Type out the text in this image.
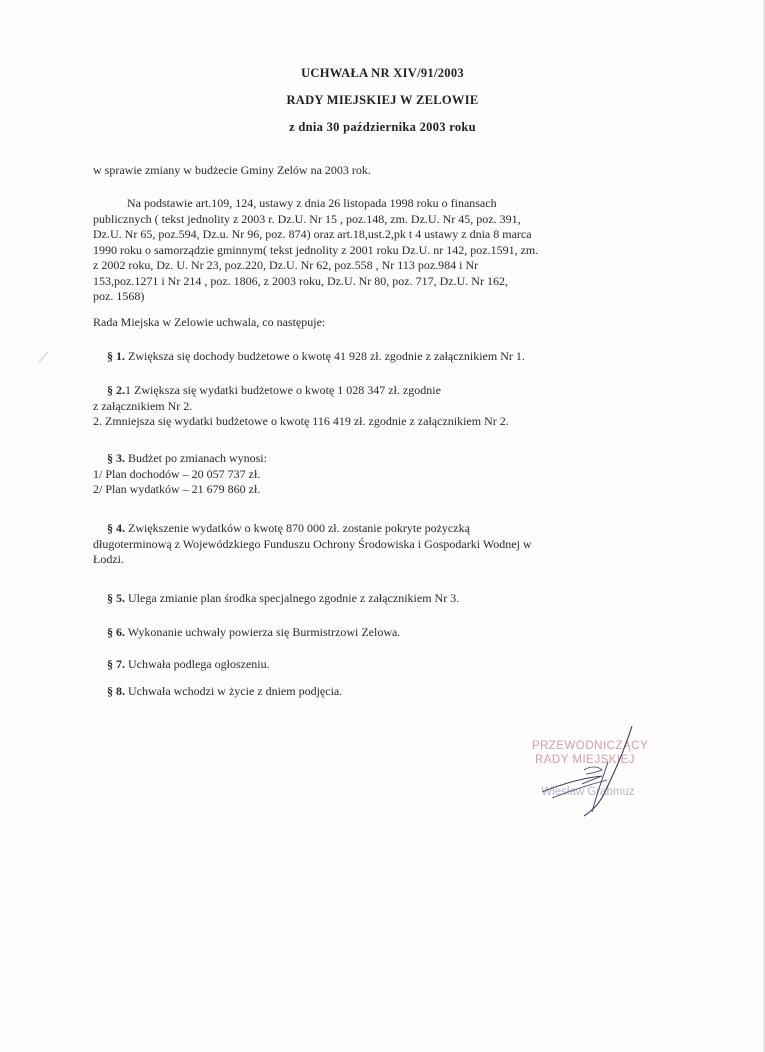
UCHWAŁA NR XIV/91/2003
RADY MIEJSKIEJ W ZELOWIE
z dnia 30 października 2003 roku
w sprawie zmiany w budżecie Gminy Zelów na 2003 rok.
Na podstawie art.109, 124, ustawy z dnia 26 listopada 1998 roku o finansach
publicznych ( tekst jednolity z 2003 r. Dz.U. Nr 15 , poz.148, zm. Dz.U. Nr 45, poz. 391,
Dz.U. Nr 65, poz.594, Dz.u. Nr 96, poz. 874) oraz art.18,ust.2,pk t 4 ustawy z dnia 8 marca
1990 roku o samorządzie gminnym( tekst jednolity z 2001 roku Dz.U. nr 142, poz.1591, zm.
z 2002 roku, Dz. U. Nr 23, poz.220, Dz.U. Nr 62, poz.558 , Nr 113 poz.984 i Nr
153,poz.1271 i Nr 214 , poz. 1806, z 2003 roku, Dz.U. Nr 80, poz. 717, Dz.U. Nr 162,
poz. 1568)
Rada Miejska w Zelowie uchwala, co następuje:
§ 1. Zwiększa się dochody budżetowe o kwotę 41 928 zł. zgodnie z załącznikiem Nr 1.
§ 2.1 Zwiększa się wydatki budżetowe o kwotę 1 028 347 zł. zgodnie
z załącznikiem Nr 2.
2. Zmniejsza się wydatki budżetowe o kwotę 116 419 zł. zgodnie z załącznikiem Nr 2.
§ 3. Budżet po zmianach wynosi:
1/ Plan dochodów – 20 057 737 zł.
2/ Plan wydatków – 21 679 860 zł.
§ 4. Zwiększenie wydatków o kwotę 870 000 zł. zostanie pokryte pożyczką
długoterminową z Wojewódzkiego Funduszu Ochrony Środowiska i Gospodarki Wodnej w
Łodzi.
§ 5. Ulega zmianie plan środka specjalnego zgodnie z załącznikiem Nr 3.
§ 6. Wykonanie uchwały powierza się Burmistrzowi Zelowa.
§ 7. Uchwała podlega ogłoszeniu.
§ 8. Uchwała wchodzi w życie z dniem podjęcia.
PRZEWODNICZĄCY
RADY MIEJSKIEJ
Wiesław Grabmuz
